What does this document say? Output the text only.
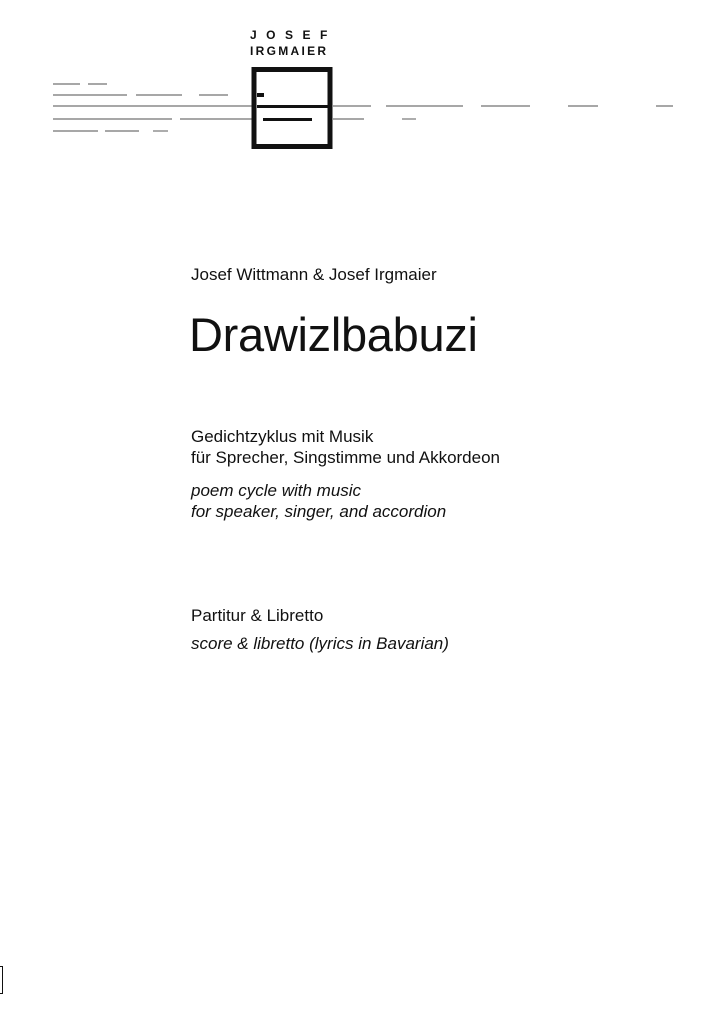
JOSEF
IRGMAIER
Josef Wittmann & Josef Irgmaier
Drawizlbabuzi
Gedichtzyklus mit Musik
für Sprecher, Singstimme und Akkordeon
poem cycle with music
for speaker, singer, and accordion
Partitur & Libretto
score & libretto (lyrics in Bavarian)
